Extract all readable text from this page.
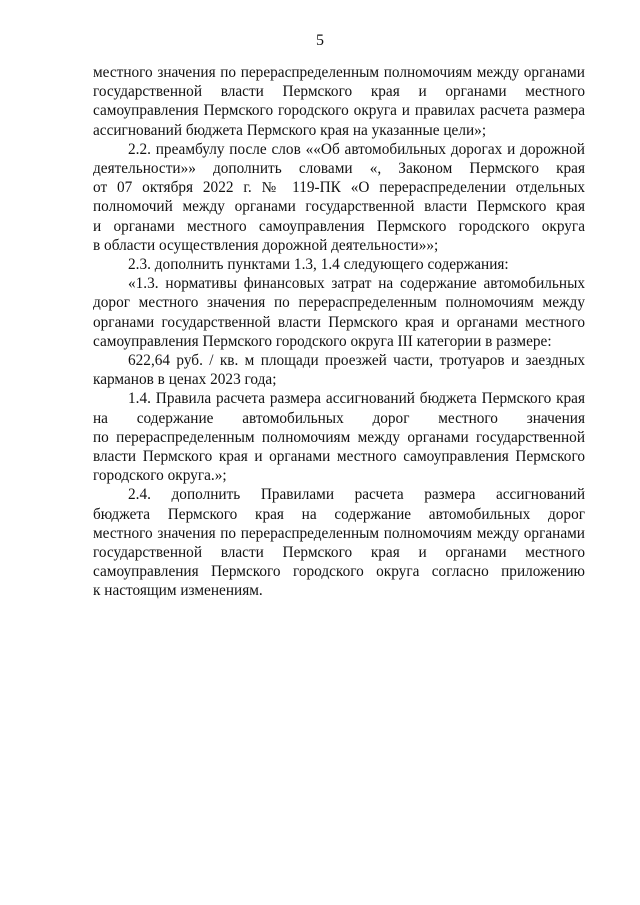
5

местного значения по перераспределенным полномочиям между органами
государственной власти Пермского края и органами местного
самоуправления Пермского городского округа и правилах расчета размера
ассигнований бюджета Пермского края на указанные цели»;

2.2. преамбулу после слов ««Об автомобильных дорогах и дорожной
деятельности»» дополнить словами «, Законом Пермского края
от 07 октября 2022 г. № 119-ПК «О перераспределении отдельных
полномочий между органами государственной власти Пермского края
и органами местного самоуправления Пермского городского округа
в области осуществления дорожной деятельности»»;

2.3. дополнить пунктами 1.3, 1.4 следующего содержания:

«1.3. нормативы финансовых затрат на содержание автомобильных
дорог местного значения по перераспределенным полномочиям между
органами государственной власти Пермского края и органами местного
самоуправления Пермского городского округа III категории в размере:

622,64 руб. / кв. м площади проезжей части, тротуаров и заездных
карманов в ценах 2023 года;

1.4. Правила расчета размера ассигнований бюджета Пермского края
на содержание автомобильных дорог местного значения
по перераспределенным полномочиям между органами государственной
власти Пермского края и органами местного самоуправления Пермского
городского округа.»;

2.4. дополнить Правилами расчета размера ассигнований
бюджета Пермского края на содержание автомобильных дорог
местного значения по перераспределенным полномочиям между органами
государственной власти Пермского края и органами местного
самоуправления Пермского городского округа согласно приложению
к настоящим изменениям.
